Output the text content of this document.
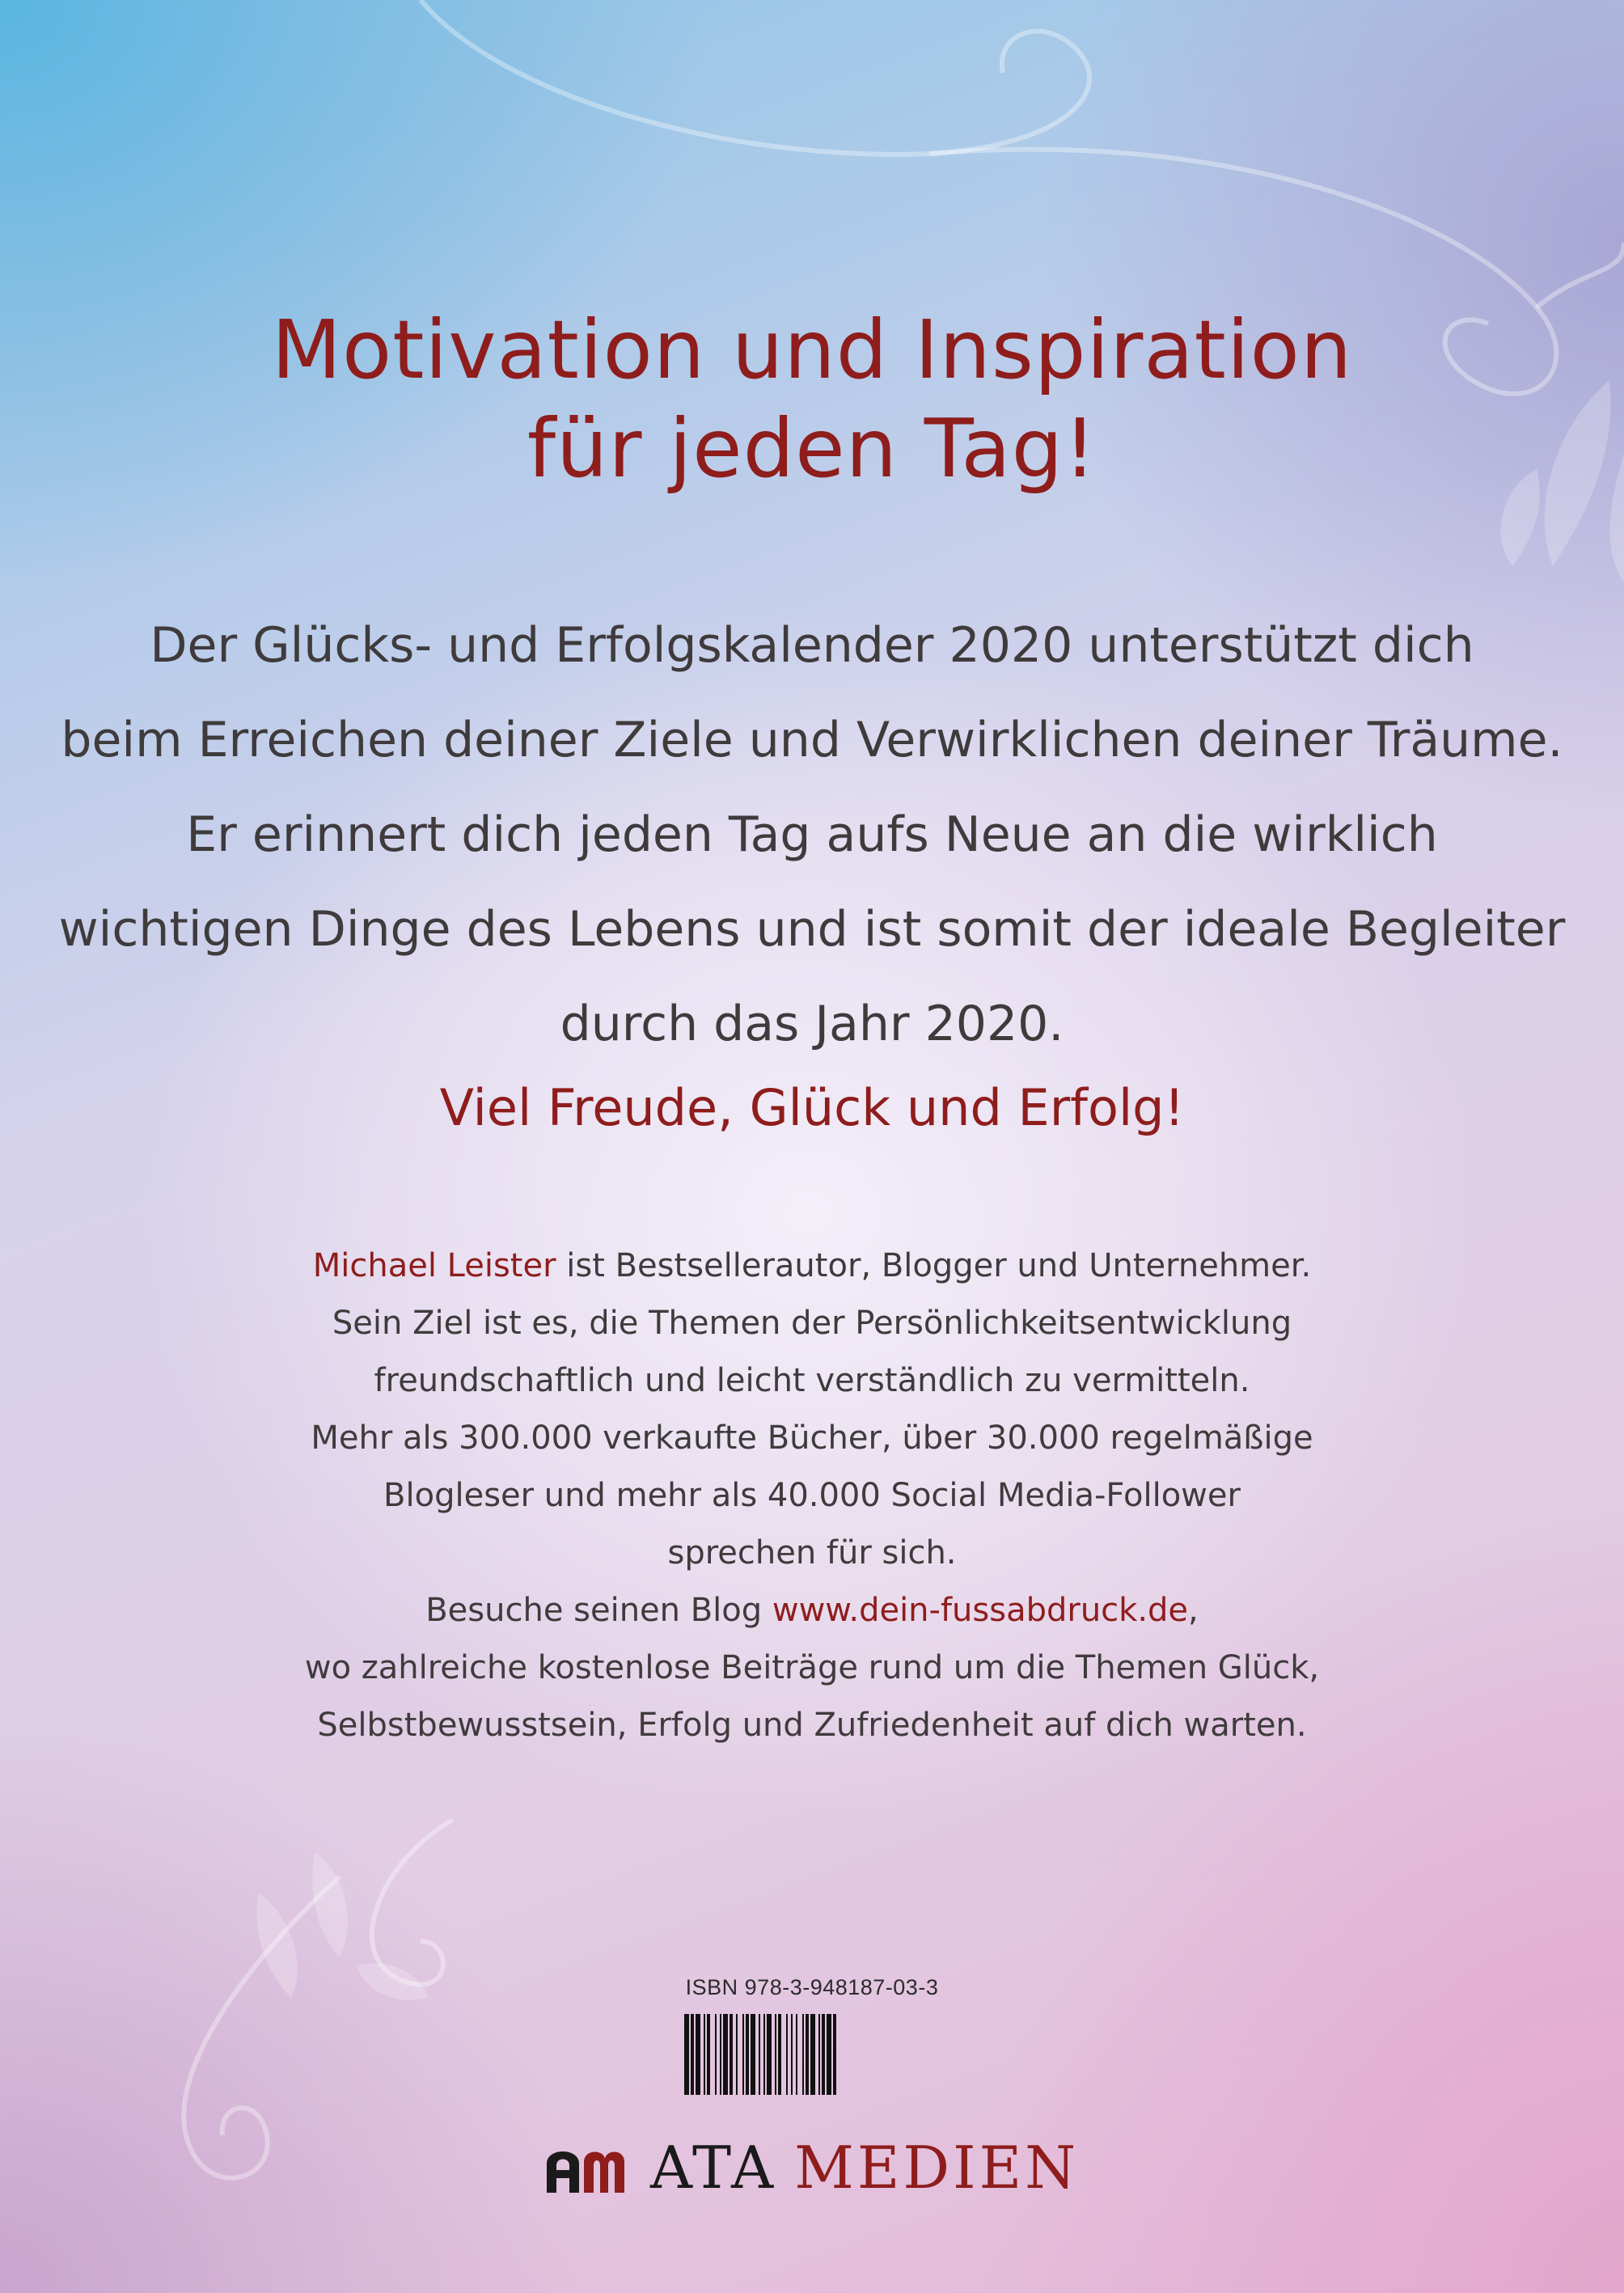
Motivation und Inspiration
für jeden Tag!
Der Glücks- und Erfolgskalender 2020 unterstützt dich
beim Erreichen deiner Ziele und Verwirklichen deiner Träume.
Er erinnert dich jeden Tag aufs Neue an die wirklich
wichtigen Dinge des Lebens und ist somit der ideale Begleiter
durch das Jahr 2020.
Viel Freude, Glück und Erfolg!
Michael Leister ist Bestsellerautor, Blogger und Unternehmer.
Sein Ziel ist es, die Themen der Persönlichkeitsentwicklung
freundschaftlich und leicht verständlich zu vermitteln.
Mehr als 300.000 verkaufte Bücher, über 30.000 regelmäßige
Blogleser und mehr als 40.000 Social Media-Follower
sprechen für sich.
Besuche seinen Blog www.dein-fussabdruck.de,
wo zahlreiche kostenlose Beiträge rund um die Themen Glück,
Selbstbewusstsein, Erfolg und Zufriedenheit auf dich warten.
ISBN 978-3-948187-03-3
ATA MEDIEN
